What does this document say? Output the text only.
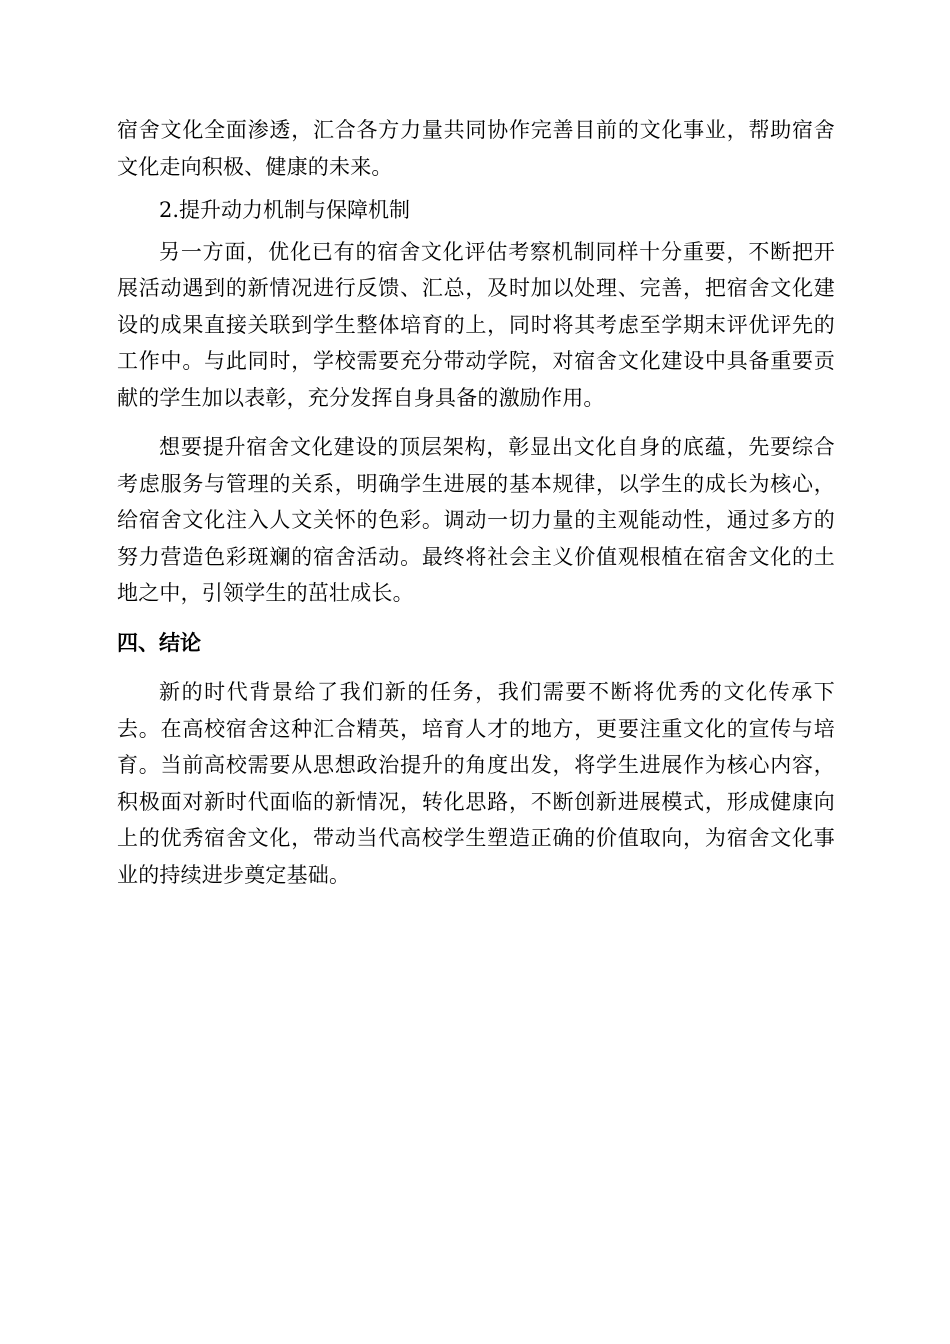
宿舍文化全面渗透，汇合各方力量共同协作完善目前的文化事业，帮助宿舍文化走向积极、健康的未来。

2.提升动力机制与保障机制

另一方面，优化已有的宿舍文化评估考察机制同样十分重要，不断把开展活动遇到的新情况进行反馈、汇总，及时加以处理、完善，把宿舍文化建设的成果直接关联到学生整体培育的上，同时将其考虑至学期末评优评先的工作中。与此同时，学校需要充分带动学院，对宿舍文化建设中具备重要贡献的学生加以表彰，充分发挥自身具备的激励作用。

想要提升宿舍文化建设的顶层架构，彰显出文化自身的底蕴，先要综合考虑服务与管理的关系，明确学生进展的基本规律，以学生的成长为核心，给宿舍文化注入人文关怀的色彩。调动一切力量的主观能动性，通过多方的努力营造色彩斑斓的宿舍活动。最终将社会主义价值观根植在宿舍文化的土地之中，引领学生的茁壮成长。

四、结论

新的时代背景给了我们新的任务，我们需要不断将优秀的文化传承下去。在高校宿舍这种汇合精英，培育人才的地方，更要注重文化的宣传与培育。当前高校需要从思想政治提升的角度出发，将学生进展作为核心内容，积极面对新时代面临的新情况，转化思路，不断创新进展模式，形成健康向上的优秀宿舍文化，带动当代高校学生塑造正确的价值取向，为宿舍文化事业的持续进步奠定基础。
